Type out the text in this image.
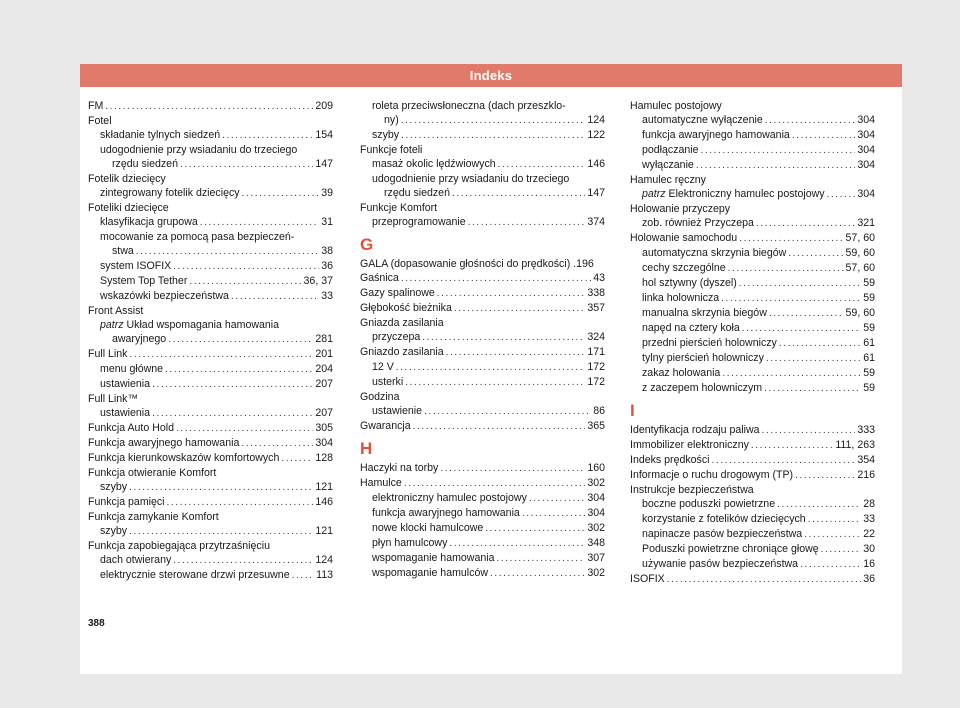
Indeks
FM .....	209
Fotel
składanie tylnych siedzeń .....	154
udogodnienie przy wsiadaniu do trzeciego
rzędu siedzeń .....	147
Fotelik dziecięcy
zintegrowany fotelik dziecięcy .....	39
Foteliki dziecięce
klasyfikacja grupowa .....	31
mocowanie za pomocą pasa bezpieczeń-
stwa .....	38
system ISOFIX .....	36
System Top Tether .....	36, 37
wskazówki bezpieczeństwa .....	33
Front Assist
patrz Układ wspomagania hamowania
awaryjnego .....	281
Full Link .....	201
menu główne .....	204
ustawienia .....	207
Full Link™
ustawienia .....	207
Funkcja Auto Hold .....	305
Funkcja awaryjnego hamowania .....	304
Funkcja kierunkowskazów komfortowych .....	128
Funkcja otwieranie Komfort
szyby .....	121
Funkcja pamięci .....	146
Funkcja zamykanie Komfort
szyby .....	121
Funkcja zapobiegająca przytrzaśnięciu
dach otwierany .....	124
elektrycznie sterowane drzwi przesuwne .....	113
roleta przeciwsłoneczna (dach przeszklo-
ny) .....	124
szyby .....	122
Funkcje foteli
masaż okolic lędźwiowych .....	146
udogodnienie przy wsiadaniu do trzeciego
rzędu siedzeń .....	147
Funkcje Komfort
przeprogramowanie .....	374
G
GALA (dopasowanie głośności do prędkości) .196
Gaśnica .....	43
Gazy spalinowe .....	338
Głębokość bieżnika .....	357
Gniazda zasilania
przyczepa .....	324
Gniazdo zasilania .....	171
12 V .....	172
usterki .....	172
Godzina
ustawienie .....	86
Gwarancja .....	365
H
Haczyki na torby .....	160
Hamulce .....	302
elektroniczny hamulec postojowy .....	304
funkcja awaryjnego hamowania .....	304
nowe klocki hamulcowe .....	302
płyn hamulcowy .....	348
wspomaganie hamowania .....	307
wspomaganie hamulców .....	302
Hamulec postojowy
automatyczne wyłączenie .....	304
funkcja awaryjnego hamowania .....	304
podłączanie .....	304
wyłączanie .....	304
Hamulec ręczny
patrz Elektroniczny hamulec postojowy .....	304
Holowanie przyczepy
zob. również Przyczepa .....	321
Holowanie samochodu .....	57, 60
automatyczna skrzynia biegów .....	59, 60
cechy szczególne .....	57, 60
hol sztywny (dyszel) .....	59
linka holownicza .....	59
manualna skrzynia biegów .....	59, 60
napęd na cztery koła .....	59
przedni pierścień holowniczy .....	61
tylny pierścień holowniczy .....	61
zakaz holowania .....	59
z zaczepem holowniczym .....	59
I
Identyfikacja rodzaju paliwa .....	333
Immobilizer elektroniczny .....	111, 263
Indeks prędkości .....	354
Informacje o ruchu drogowym (TP) .....	216
Instrukcje bezpieczeństwa
boczne poduszki powietrzne .....	28
korzystanie z fotelików dziecięcych .....	33
napinacze pasów bezpieczeństwa .....	22
Poduszki powietrzne chroniące głowę .....	30
używanie pasów bezpieczeństwa .....	16
ISOFIX .....	36
388
